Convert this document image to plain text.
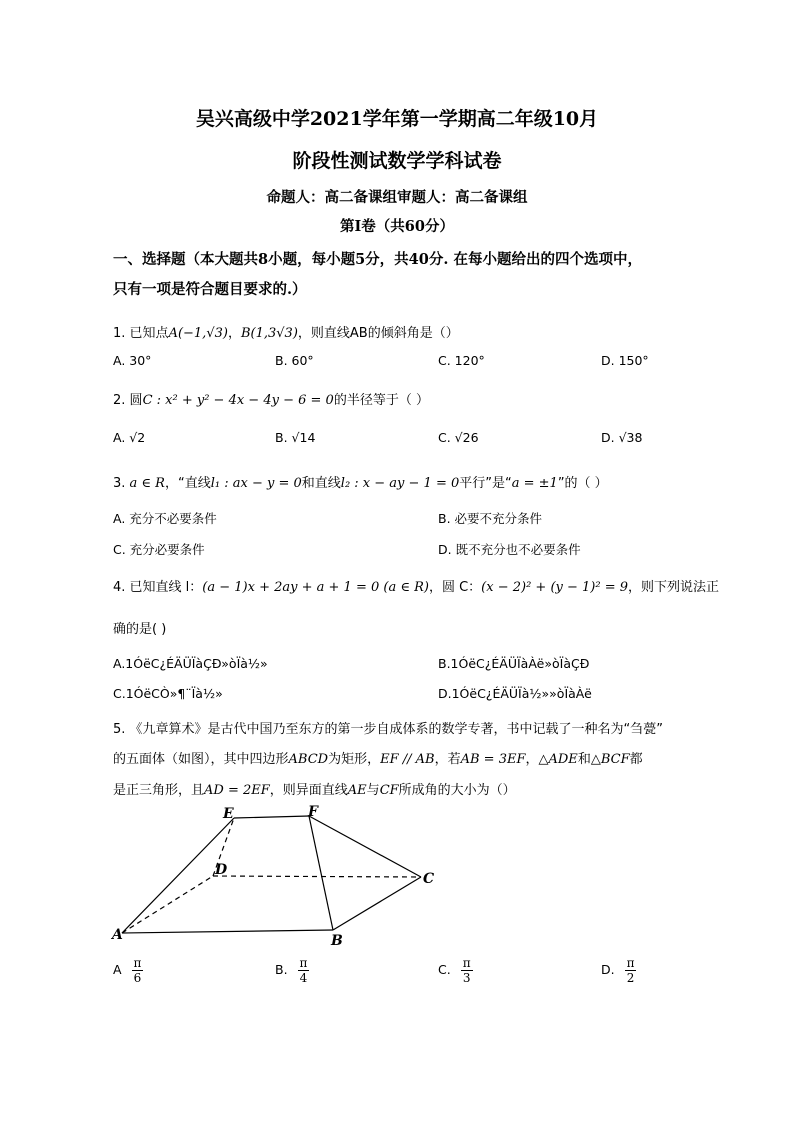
吴兴高级中学2021学年第一学期高二年级10月
阶段性测试数学学科试卷
命题人：高二备课组审题人：高二备课组
第Ⅰ卷（共60分）
一、选择题（本大题共8小题，每小题5分，共40分. 在每小题给出的四个选项中，
只有一项是符合题目要求的.）
1. 已知点A(−1,√3)，B(1,3√3)，则直线AB的倾斜角是（）
A. 30°	B. 60°	C. 120°	D. 150°
2. 圆C : x² + y² − 4x − 4y − 6 = 0的半径等于（ ）
A. √2	B. √14	C. √26	D. √38
3. a ∈ R，“直线l₁ : ax − y = 0和直线l₂ : x − ay − 1 = 0平行”是“a = ±1”的（ ）
A. 充分不必要条件	B. 必要不充分条件
C. 充分必要条件	D. 既不充分也不必要条件
4. 已知直线 l：(a − 1)x + 2ay + a + 1 = 0 (a ∈ R)，圆 C：(x − 2)² + (y − 1)² = 9，则下列说法正
确的是( )
A.1ÓëC¿ÉÄÜÏàÇÐ»òÏà½»	B.1ÓëC¿ÉÄÜÏàÀë»òÏàÇÐ
C.1ÓëCÒ»¶¨Ïà½»	D.1ÓëC¿ÉÄÜÏà½»»òÏàÀë
5. 《九章算术》是古代中国乃至东方的第一步自成体系的数学专著，书中记载了一种名为“刍甍”
的五面体（如图），其中四边形ABCD为矩形，EF // AB，若AB = 3EF，△ADE和△BCF都
是正三角形，且AD = 2EF，则异面直线AE与CF所成角的大小为（）
E	F
D
C
A	B
A $\frac{\pi}{6}$	B. $\frac{\pi}{4}$	C. $\frac{\pi}{3}$	D. $\frac{\pi}{2}$
